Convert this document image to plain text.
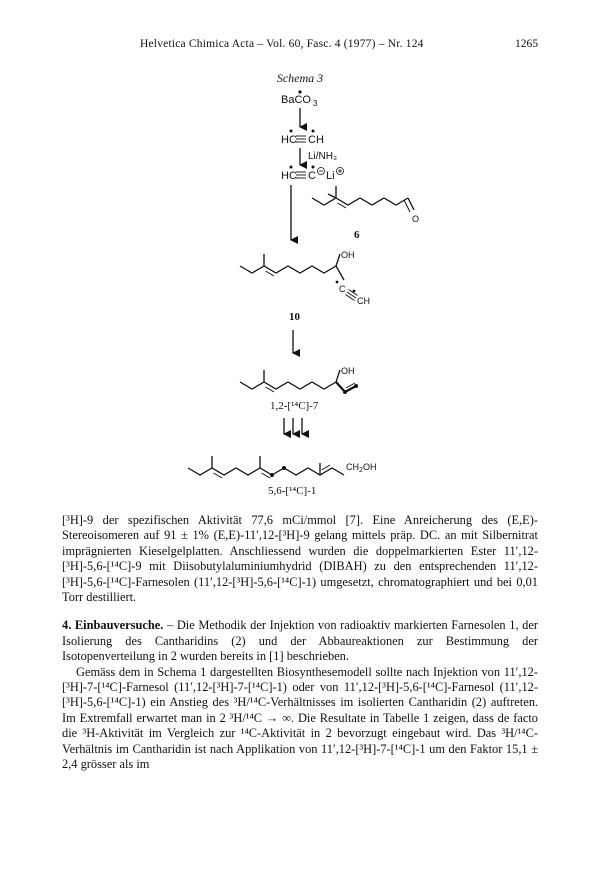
Helvetica Chimica Acta – Vol. 60, Fasc. 4 (1977) – Nr. 124	1265
Schema 3
BaCO 3
HC CH
Li/NH₃
HC C Li
O
6
OH
C
CH
10
OH
1,2-[¹⁴C]-7
CH 2 OH
5,6-[¹⁴C]-1

[³H]-9 der spezifischen Aktivität 77,6 mCi/mmol [7]. Eine Anreicherung des (E,E)-Stereoisomeren auf 91 ± 1% (E,E)-11′,12-[³H]-9 gelang mittels präp. DC. an mit Silbernitrat imprägnierten Kieselgelplatten. Anschliessend wurden die doppelmarkierten Ester 11′,12-[³H]-5,6-[¹⁴C]-9 mit Diisobutylaluminiumhydrid (DIBAH) zu den entsprechenden 11′,12-[³H]-5,6-[¹⁴C]-Farnesolen (11′,12-[³H]-5,6-[¹⁴C]-1) umgesetzt, chromatographiert und bei 0,01 Torr destilliert.

4. Einbauversuche. – Die Methodik der Injektion von radioaktiv markierten Farnesolen 1, der Isolierung des Cantharidins (2) und der Abbaureaktionen zur Bestimmung der Isotopenverteilung in 2 wurden bereits in [1] beschrieben.

Gemäss dem in Schema 1 dargestellten Biosynthesemodell sollte nach Injektion von 11′,12-[³H]-7-[¹⁴C]-Farnesol (11′,12-[³H]-7-[¹⁴C]-1) oder von 11′,12-[³H]-5,6-[¹⁴C]-Farnesol (11′,12-[³H]-5,6-[¹⁴C]-1) ein Anstieg des ³H/¹⁴C-Verhältnisses im isolierten Cantharidin (2) auftreten. Im Extremfall erwartet man in 2 ³H/¹⁴C → ∞. Die Resultate in Tabelle 1 zeigen, dass de facto die ³H-Aktivität im Vergleich zur ¹⁴C-Aktivität in 2 bevorzugt eingebaut wird. Das ³H/¹⁴C-Verhältnis im Cantharidin ist nach Applikation von 11′,12-[³H]-7-[¹⁴C]-1 um den Faktor 15,1 ± 2,4 grösser als im
